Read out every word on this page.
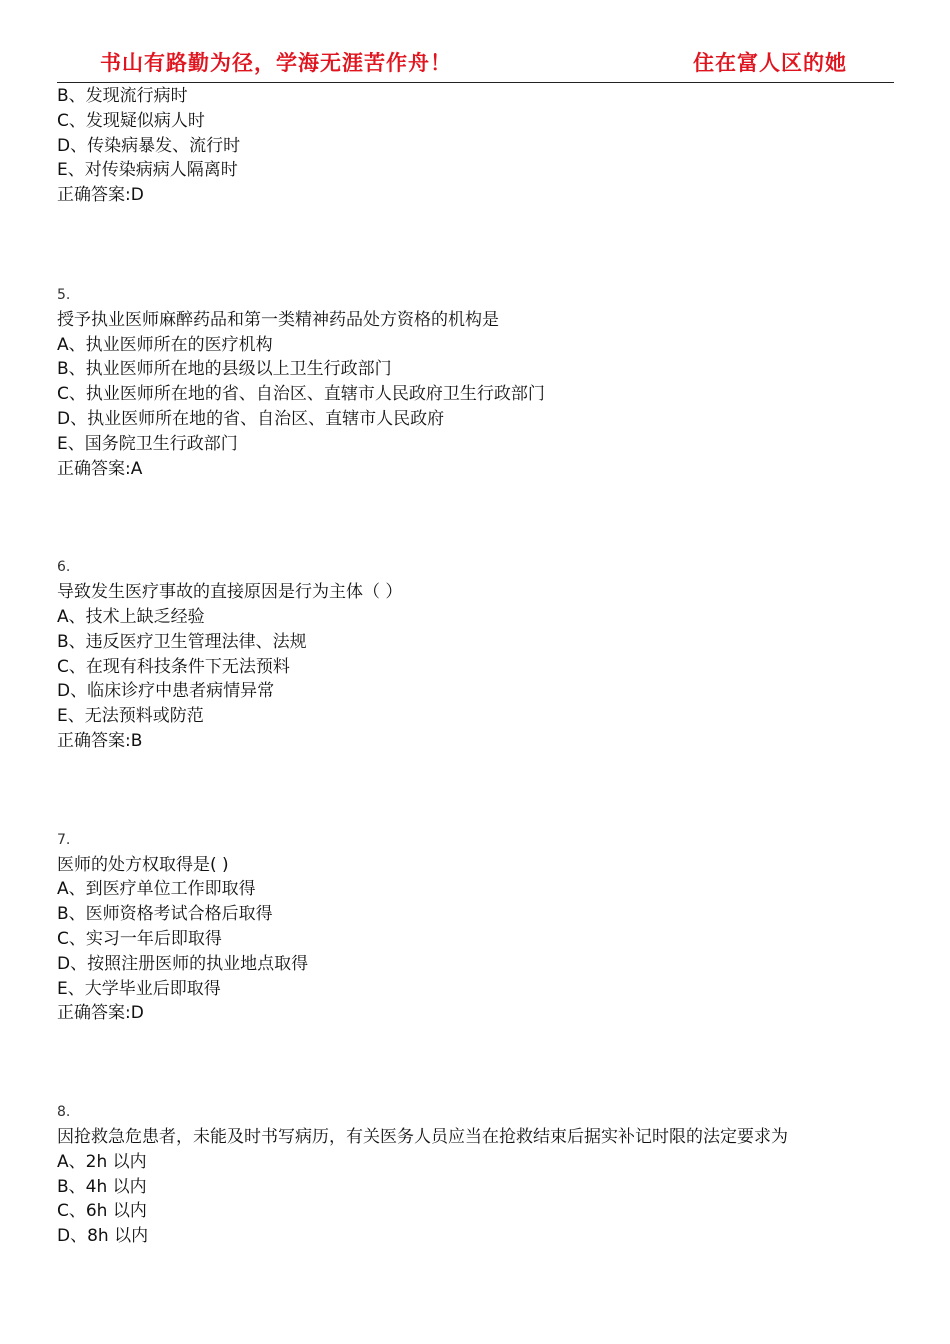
书山有路勤为径，学海无涯苦作舟！	住在富人区的她
B、发现流行病时
C、发现疑似病人时
D、传染病暴发、流行时
E、对传染病病人隔离时
正确答案:D
5.
授予执业医师麻醉药品和第一类精神药品处方资格的机构是
A、执业医师所在的医疗机构
B、执业医师所在地的县级以上卫生行政部门
C、执业医师所在地的省、自治区、直辖市人民政府卫生行政部门
D、执业医师所在地的省、自治区、直辖市人民政府
E、国务院卫生行政部门
正确答案:A
6.
导致发生医疗事故的直接原因是行为主体（ ）
A、技术上缺乏经验
B、违反医疗卫生管理法律、法规
C、在现有科技条件下无法预料
D、临床诊疗中患者病情异常
E、无法预料或防范
正确答案:B
7.
医师的处方权取得是( )
A、到医疗单位工作即取得
B、医师资格考试合格后取得
C、实习一年后即取得
D、按照注册医师的执业地点取得
E、大学毕业后即取得
正确答案:D
8.
因抢救急危患者，未能及时书写病历，有关医务人员应当在抢救结束后据实补记时限的法定要求为
A、2h 以内
B、4h 以内
C、6h 以内
D、8h 以内
